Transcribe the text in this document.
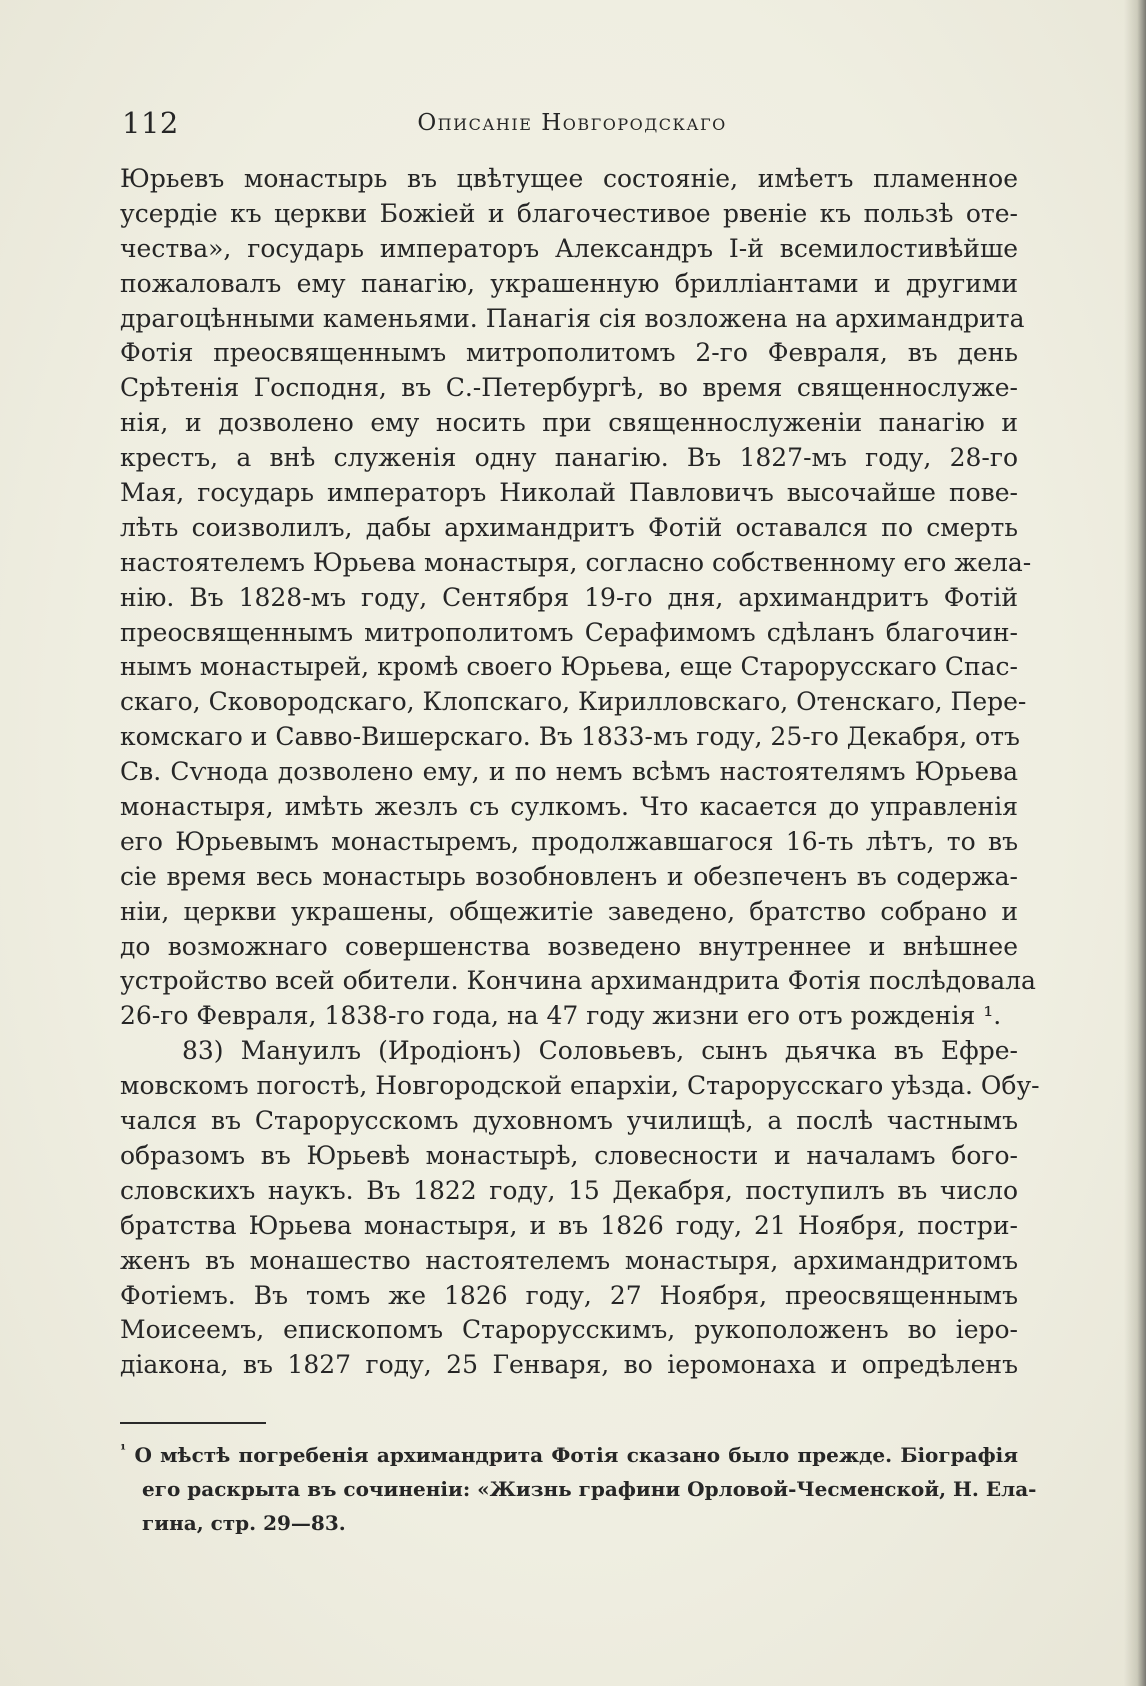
112	Описаніе Новгородскаго
Юрьевъ монастырь въ цвѣтущее состояніе, имѣетъ пламенное
усердіе къ церкви Божіей и благочестивое рвеніе къ пользѣ оте-
чества», государь императоръ Александръ I-й всемилостивѣйше
пожаловалъ ему панагію, украшенную брилліантами и другими
драгоцѣнными каменьями. Панагія сія возложена на архимандрита
Фотія преосвященнымъ митрополитомъ 2-го Февраля, въ день
Срѣтенія Господня, въ С.-Петербургѣ, во время священнослуже-
нія, и дозволено ему носить при священнослуженіи панагію и
крестъ, а внѣ служенія одну панагію. Въ 1827-мъ году, 28-го
Мая, государь императоръ Николай Павловичъ высочайше пове-
лѣть соизволилъ, дабы архимандритъ Фотій оставался по смерть
настоятелемъ Юрьева монастыря, согласно собственному его жела-
нію. Въ 1828-мъ году, Сентября 19-го дня, архимандритъ Фотій
преосвященнымъ митрополитомъ Серафимомъ сдѣланъ благочин-
нымъ монастырей, кромѣ своего Юрьева, еще Старорусскаго Спас-
скаго, Сковородскаго, Клопскаго, Кирилловскаго, Отенскаго, Пере-
комскаго и Савво-Вишерскаго. Въ 1833-мъ году, 25-го Декабря, отъ
Св. Сѵнода дозволено ему, и по немъ всѣмъ настоятелямъ Юрьева
монастыря, имѣть жезлъ съ сулкомъ. Что касается до управленія
его Юрьевымъ монастыремъ, продолжавшагося 16-ть лѣтъ, то въ
сіе время весь монастырь возобновленъ и обезпеченъ въ содержа-
ніи, церкви украшены, общежитіе заведено, братство собрано и
до возможнаго совершенства возведено внутреннее и внѣшнее
устройство всей обители. Кончина архимандрита Фотія послѣдовала
26-го Февраля, 1838-го года, на 47 году жизни его отъ рожденія ¹.
83) Мануилъ (Иродіонъ) Соловьевъ, сынъ дьячка въ Ефре-
мовскомъ погостѣ, Новгородской епархіи, Старорусскаго уѣзда. Обу-
чался въ Старорусскомъ духовномъ училищѣ, а послѣ частнымъ
образомъ въ Юрьевѣ монастырѣ, словесности и началамъ бого-
словскихъ наукъ. Въ 1822 году, 15 Декабря, поступилъ въ число
братства Юрьева монастыря, и въ 1826 году, 21 Ноября, постри-
женъ въ монашество настоятелемъ монастыря, архимандритомъ
Фотіемъ. Въ томъ же 1826 году, 27 Ноября, преосвященнымъ
Моисеемъ, епископомъ Старорусскимъ, рукоположенъ во іеро-
діакона, въ 1827 году, 25 Генваря, во іеромонаха и опредѣленъ
$^{^1}$ О мѣстѣ погребенія архимандрита Фотія сказано было прежде. Біографія
его раскрыта въ сочиненіи: «Жизнь графини Орловой-Чесменской, Н. Ела-
гина, стр. 29—83.
